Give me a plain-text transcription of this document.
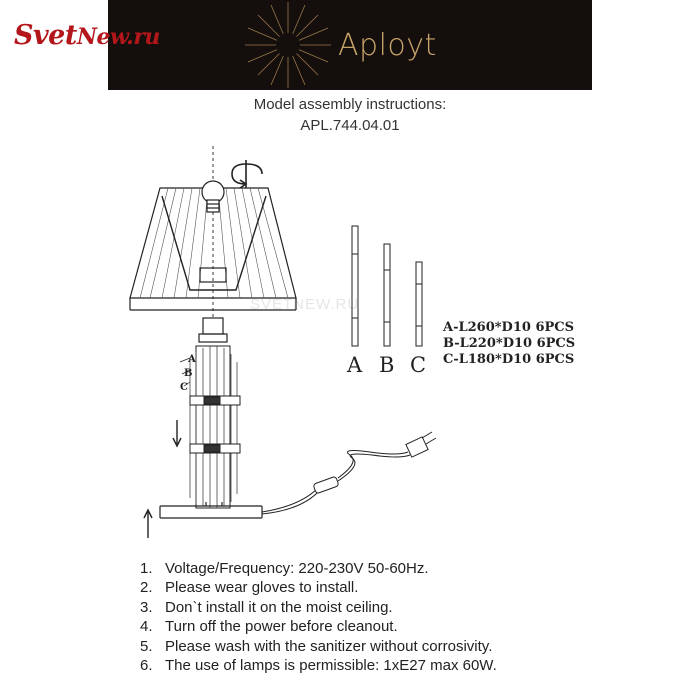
Aployt
SvetNew.ru
Model assembly instructions:
APL.744.04.01
SVETNEW.RU
A B C
A
B
C
A-L260*D10 6PCS
B-L220*D10 6PCS
C-L180*D10 6PCS
1. Voltage/Frequency: 220-230V 50-60Hz.
2. Please wear gloves to install.
3. Don`t install it on the moist ceiling.
4. Turn off the power before cleanout.
5. Please wash with the sanitizer without corrosivity.
6. The use of lamps is permissible: 1xE27 max 60W.
